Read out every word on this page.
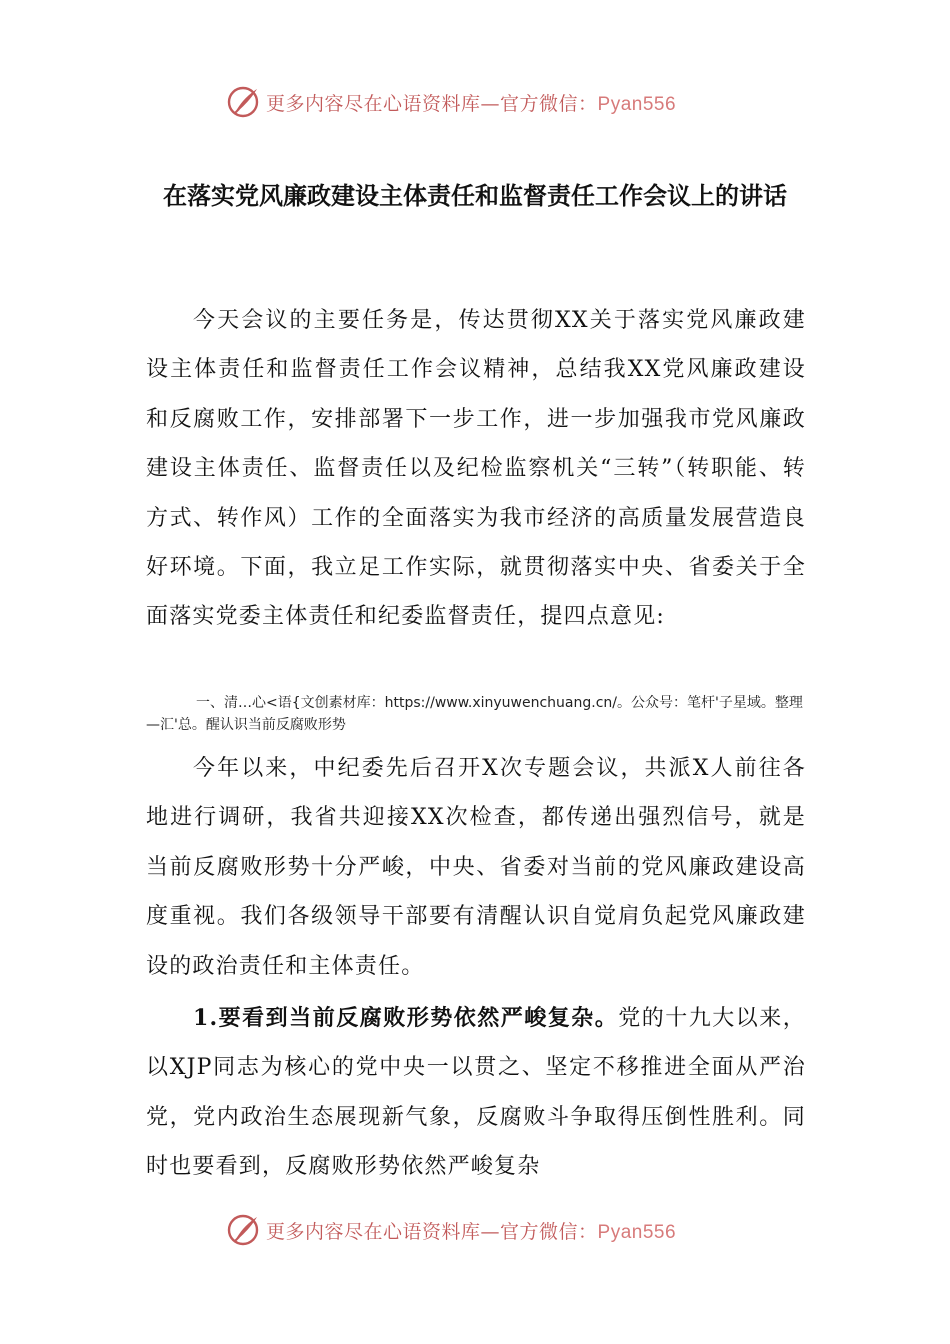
更多内容尽在心语资料库—官方微信：Pyan556
在落实党风廉政建设主体责任和监督责任工作会议上的讲话
今天会议的主要任务是，传达贯彻XX关于落实党风廉政建设主体责任和监督责任工作会议精神，总结我XX党风廉政建设和反腐败工作，安排部署下一步工作，进一步加强我市党风廉政建设主体责任、监督责任以及纪检监察机关“三转”（转职能、转方式、转作风）工作的全面落实为我市经济的高质量发展营造良好环境。下面，我立足工作实际，就贯彻落实中央、省委关于全面落实党委主体责任和纪委监督责任，提四点意见:
一、清…心<语{文创素材库：https://www.xinyuwenchuang.cn/。公众号：笔杆'子星域。整理—汇'总。醒认识当前反腐败形势
今年以来，中纪委先后召开X次专题会议，共派X人前往各地进行调研，我省共迎接XX次检查，都传递出强烈信号，就是当前反腐败形势十分严峻，中央、省委对当前的党风廉政建设高度重视。我们各级领导干部要有清醒认识自觉肩负起党风廉政建设的政治责任和主体责任。
1.要看到当前反腐败形势依然严峻复杂。党的十九大以来，以XJP同志为核心的党中央一以贯之、坚定不移推进全面从严治党，党内政治生态展现新气象，反腐败斗争取得压倒性胜利。同时也要看到，反腐败形势依然严峻复杂
更多内容尽在心语资料库—官方微信：Pyan556
